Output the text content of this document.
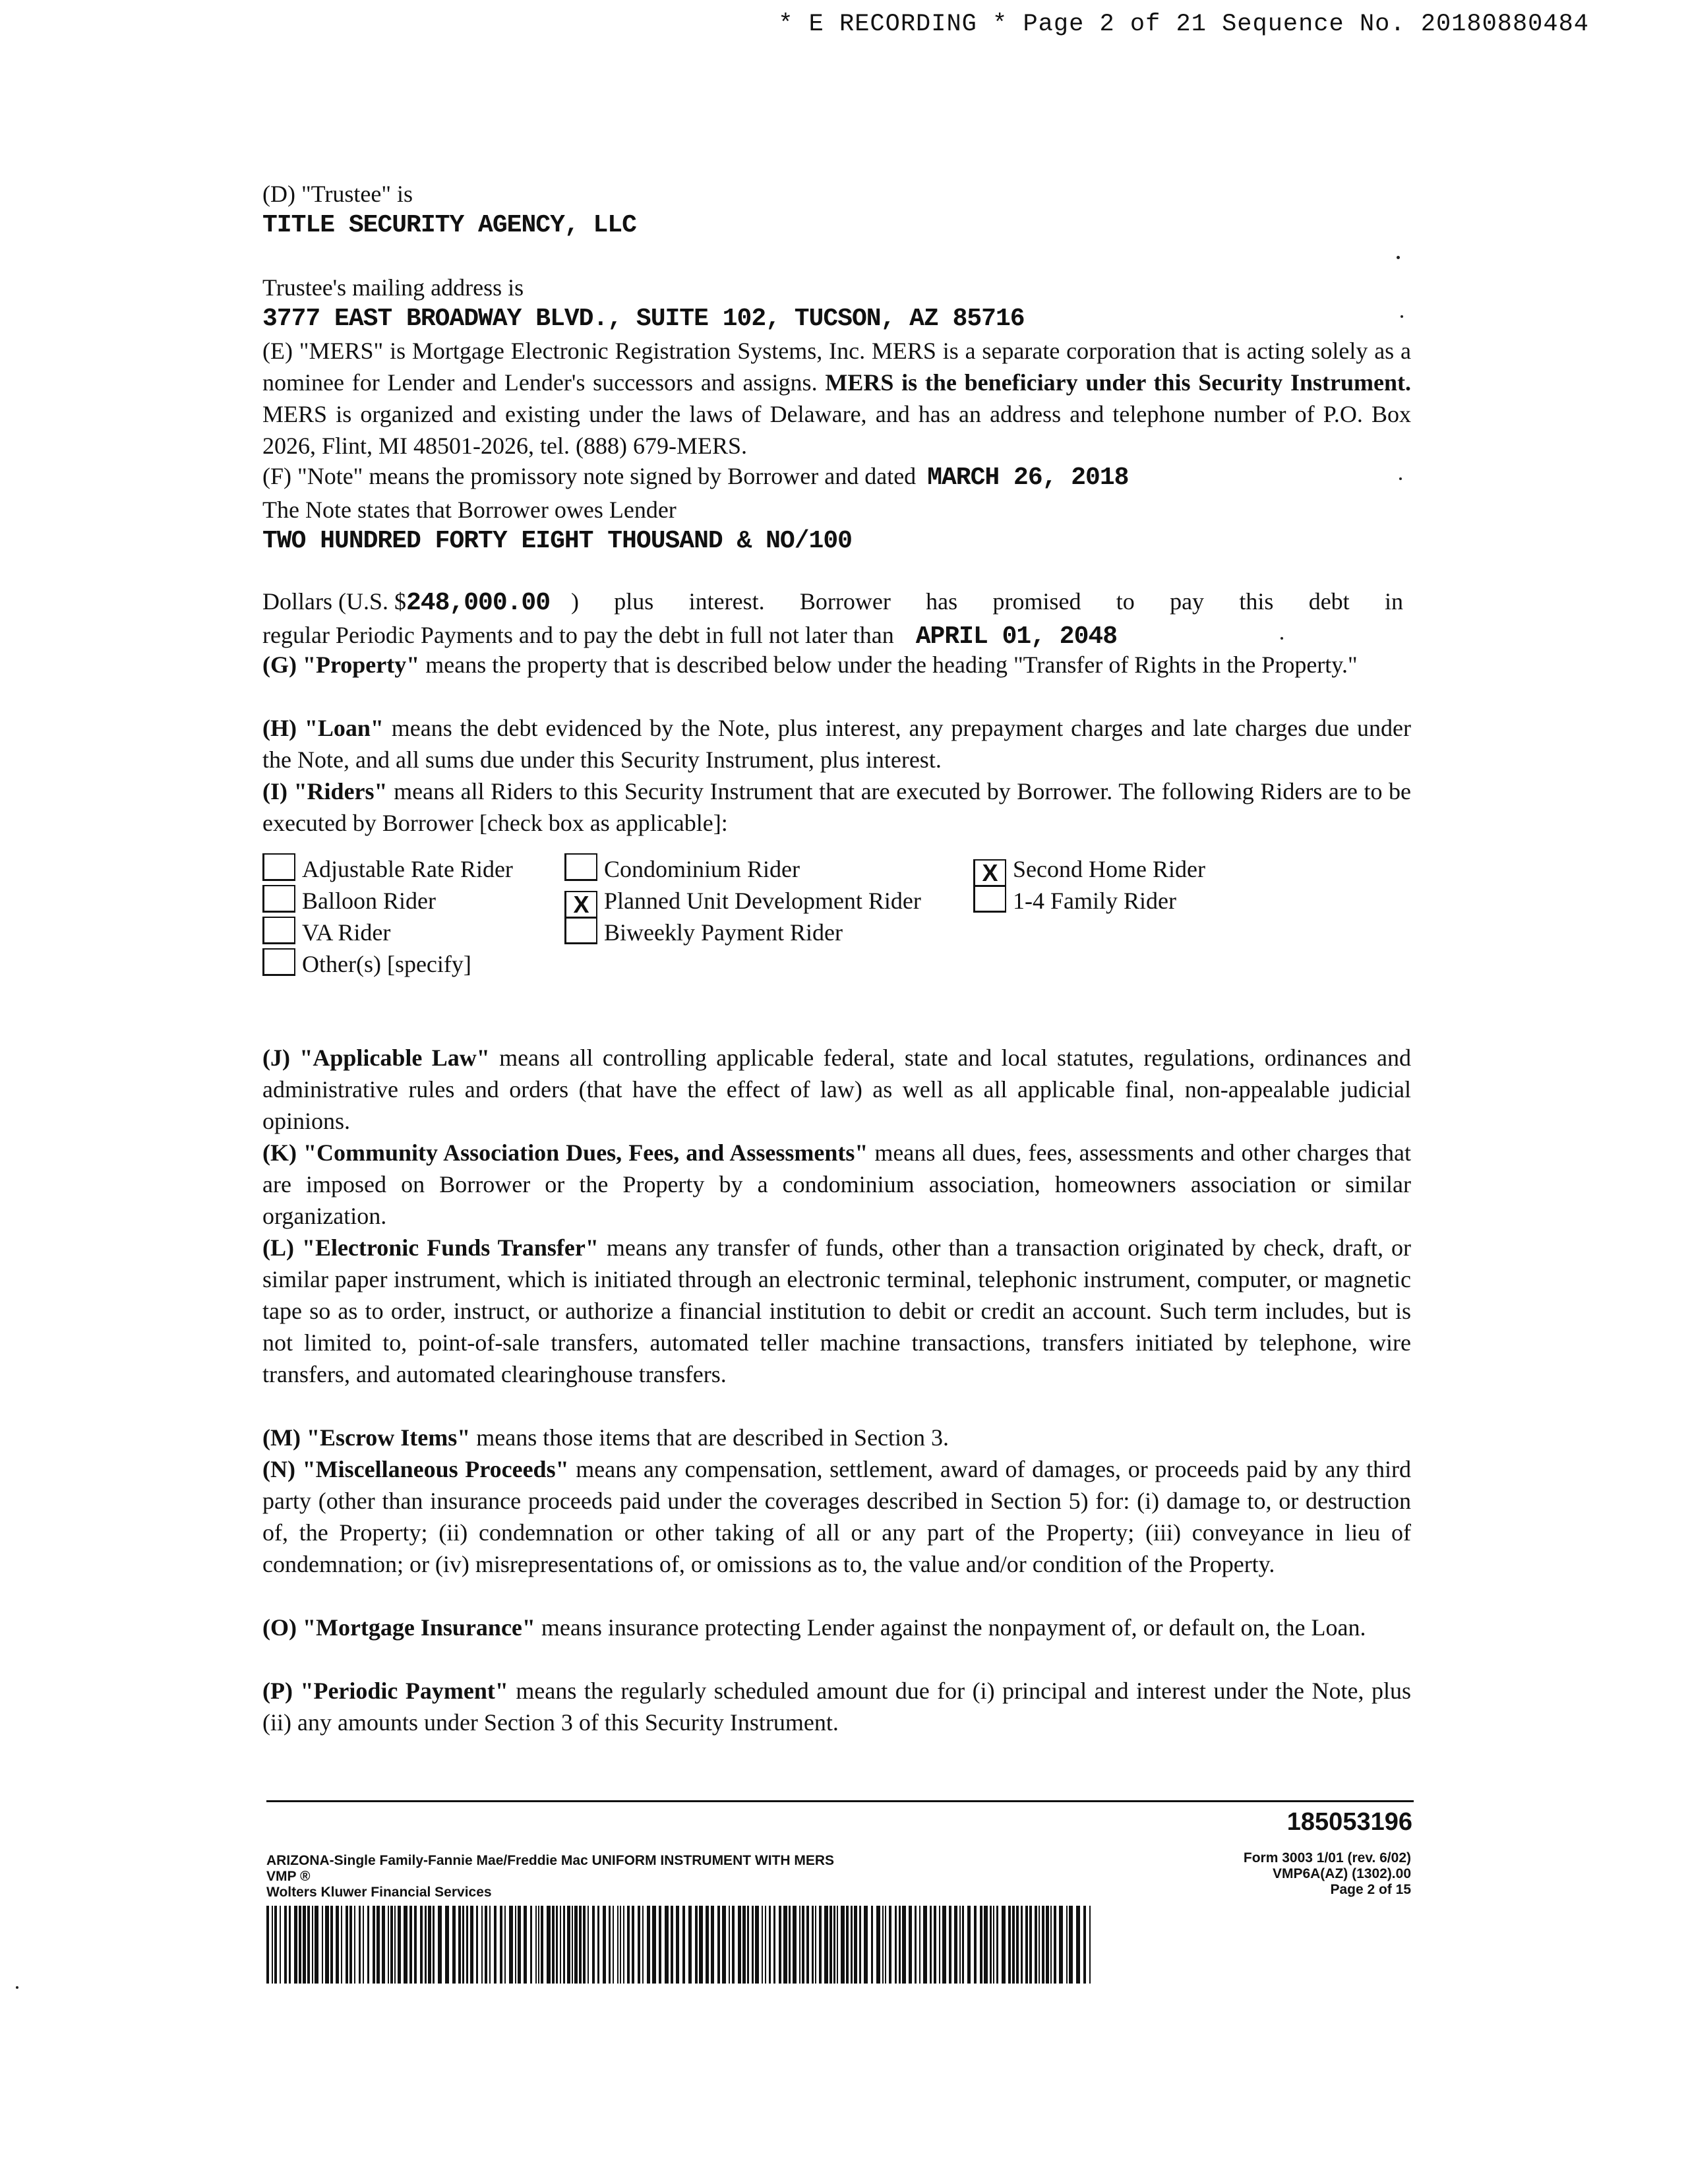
* E RECORDING * Page 2 of 21 Sequence No. 20180880484
(D) "Trustee" is
TITLE SECURITY AGENCY, LLC
Trustee's mailing address is
3777 EAST BROADWAY BLVD., SUITE 102, TUCSON, AZ 85716
(E) "MERS" is Mortgage Electronic Registration Systems, Inc. MERS is a separate corporation that is acting solely as a nominee for Lender and Lender's successors and assigns. MERS is the beneficiary under this Security Instrument. MERS is organized and existing under the laws of Delaware, and has an address and telephone number of P.O. Box 2026, Flint, MI 48501-2026, tel. (888) 679-MERS.
(F) "Note" means the promissory note signed by Borrower and dated MARCH 26, 2018
The Note states that Borrower owes Lender
TWO HUNDRED FORTY EIGHT THOUSAND & NO/100
Dollars (U.S. $248,000.00 ) plus interest. Borrower has promised to pay this debt in
regular Periodic Payments and to pay the debt in full not later than APRIL 01, 2048
(G) "Property" means the property that is described below under the heading "Transfer of Rights in the Property."
(H) "Loan" means the debt evidenced by the Note, plus interest, any prepayment charges and late charges due under the Note, and all sums due under this Security Instrument, plus interest.
(I) "Riders" means all Riders to this Security Instrument that are executed by Borrower. The following Riders are to be executed by Borrower [check box as applicable]:
Adjustable Rate Rider
Balloon Rider
VA Rider
Other(s) [specify]
Condominium Rider
X Planned Unit Development Rider
Biweekly Payment Rider
X Second Home Rider
1-4 Family Rider
(J) "Applicable Law" means all controlling applicable federal, state and local statutes, regulations, ordinances and administrative rules and orders (that have the effect of law) as well as all applicable final, non-appealable judicial opinions.
(K) "Community Association Dues, Fees, and Assessments" means all dues, fees, assessments and other charges that are imposed on Borrower or the Property by a condominium association, homeowners association or similar organization.
(L) "Electronic Funds Transfer" means any transfer of funds, other than a transaction originated by check, draft, or similar paper instrument, which is initiated through an electronic terminal, telephonic instrument, computer, or magnetic tape so as to order, instruct, or authorize a financial institution to debit or credit an account. Such term includes, but is not limited to, point-of-sale transfers, automated teller machine transactions, transfers initiated by telephone, wire transfers, and automated clearinghouse transfers.
(M) "Escrow Items" means those items that are described in Section 3.
(N) "Miscellaneous Proceeds" means any compensation, settlement, award of damages, or proceeds paid by any third party (other than insurance proceeds paid under the coverages described in Section 5) for: (i) damage to, or destruction of, the Property; (ii) condemnation or other taking of all or any part of the Property; (iii) conveyance in lieu of condemnation; or (iv) misrepresentations of, or omissions as to, the value and/or condition of the Property.
(O) "Mortgage Insurance" means insurance protecting Lender against the nonpayment of, or default on, the Loan.
(P) "Periodic Payment" means the regularly scheduled amount due for (i) principal and interest under the Note, plus (ii) any amounts under Section 3 of this Security Instrument.
185053196
ARIZONA-Single Family-Fannie Mae/Freddie Mac UNIFORM INSTRUMENT WITH MERS
VMP ®
Wolters Kluwer Financial Services
Form 3003 1/01 (rev. 6/02)
VMP6A(AZ) (1302).00
Page 2 of 15
